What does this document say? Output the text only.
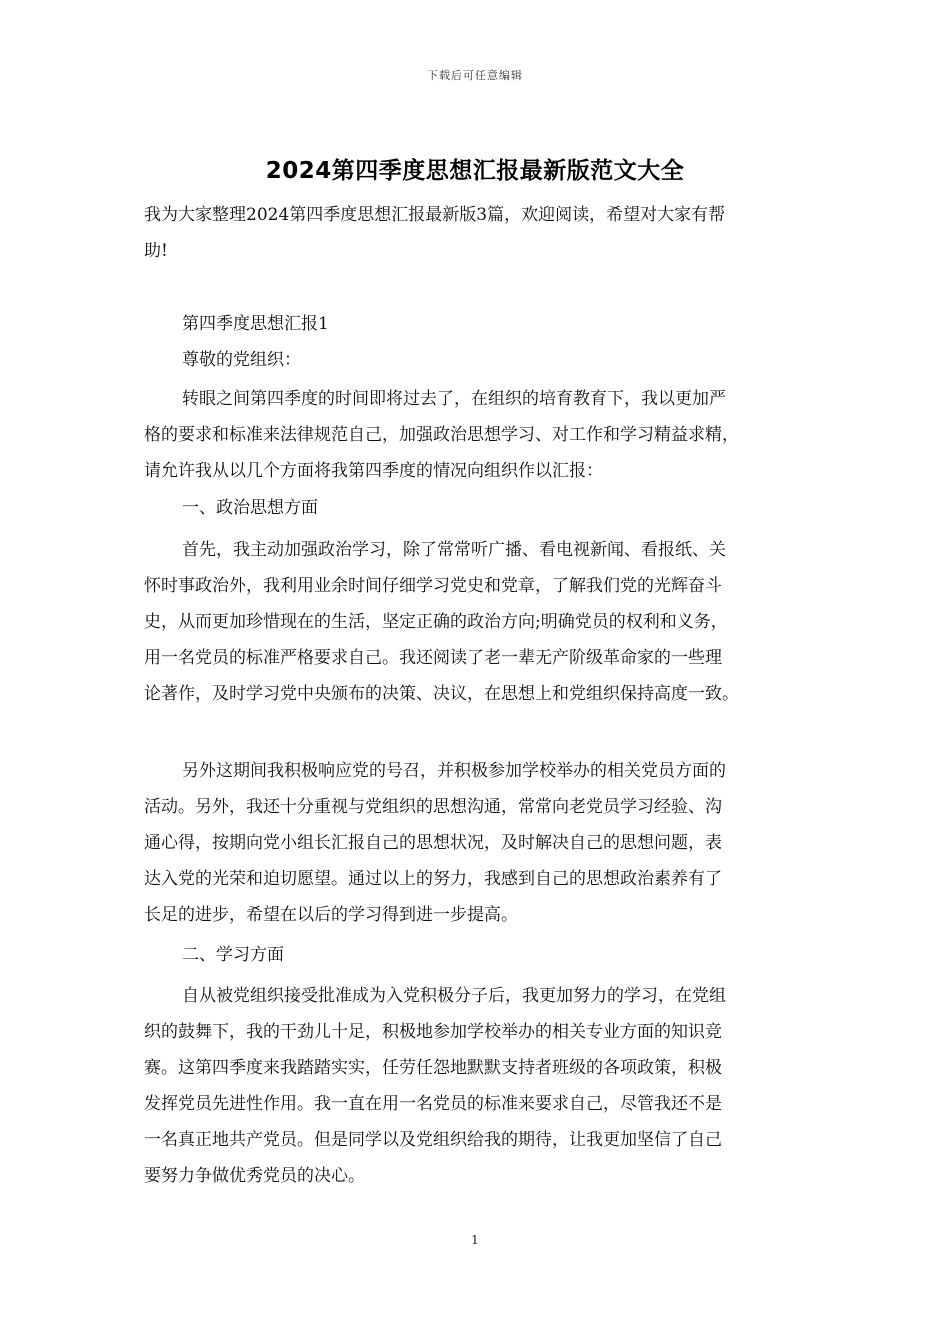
下载后可任意编辑
2024第四季度思想汇报最新版范文大全
我为大家整理2024第四季度思想汇报最新版3篇，欢迎阅读，希望对大家有帮
助!
第四季度思想汇报1
尊敬的党组织：
转眼之间第四季度的时间即将过去了，在组织的培育教育下，我以更加严
格的要求和标准来法律规范自己，加强政治思想学习、对工作和学习精益求精，
请允许我从以几个方面将我第四季度的情况向组织作以汇报：
一、政治思想方面
首先，我主动加强政治学习，除了常常听广播、看电视新闻、看报纸、关
怀时事政治外，我利用业余时间仔细学习党史和党章，了解我们党的光辉奋斗
史，从而更加珍惜现在的生活，坚定正确的政治方向;明确党员的权利和义务，
用一名党员的标准严格要求自己。我还阅读了老一辈无产阶级革命家的一些理
论著作，及时学习党中央颁布的决策、决议，在思想上和党组织保持高度一致。
另外这期间我积极响应党的号召，并积极参加学校举办的相关党员方面的
活动。另外，我还十分重视与党组织的思想沟通，常常向老党员学习经验、沟
通心得，按期向党小组长汇报自己的思想状况，及时解决自己的思想问题，表
达入党的光荣和迫切愿望。通过以上的努力，我感到自己的思想政治素养有了
长足的进步，希望在以后的学习得到进一步提高。
二、学习方面
自从被党组织接受批准成为入党积极分子后，我更加努力的学习，在党组
织的鼓舞下，我的干劲儿十足，积极地参加学校举办的相关专业方面的知识竞
赛。这第四季度来我踏踏实实，任劳任怨地默默支持者班级的各项政策，积极
发挥党员先进性作用。我一直在用一名党员的标准来要求自己，尽管我还不是
一名真正地共产党员。但是同学以及党组织给我的期待，让我更加坚信了自己
要努力争做优秀党员的决心。
1
